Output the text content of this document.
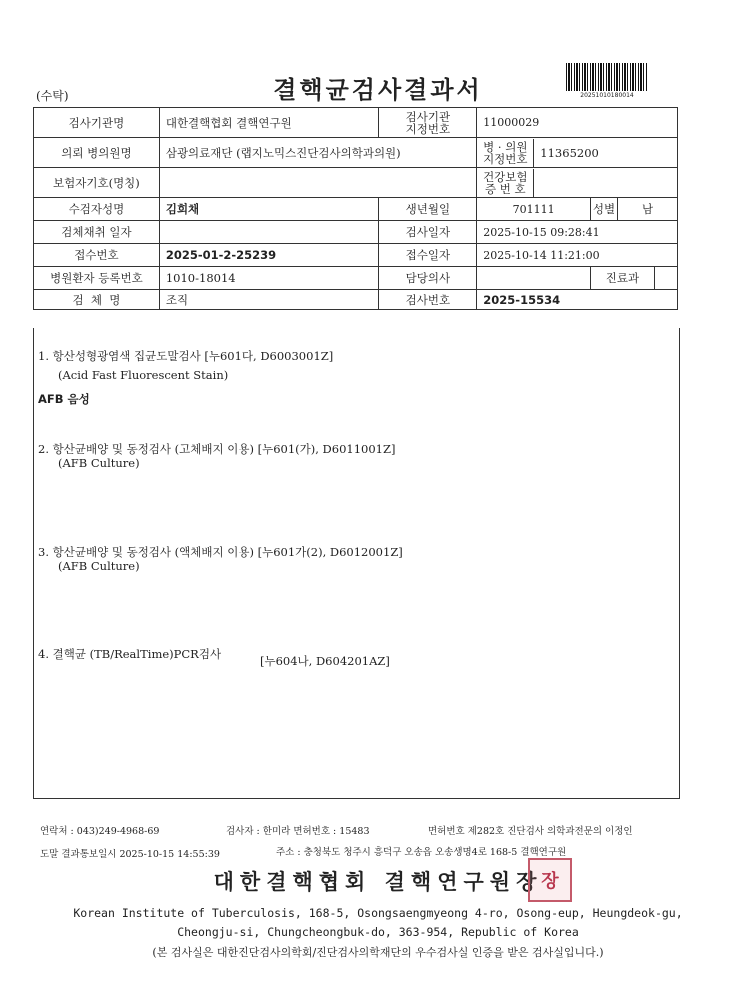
(수탁)	결핵균검사결과서	20251010180014
검사기관명	대한결핵협회 결핵연구원	검사기관
지정번호	11000029		
의뢰 병의원명	삼광의료재단 (랩지노믹스진단검사의학과의원)		병 · 의원
지정번호 11365200		

보험자기호(명칭)			건강보험
증 번 호		

수검자성명	김희채	생년월일	701111	성별	남
검체채취 일자		검사일자	2025-10-15 09:28:41		
접수번호	2025-01-2-25239	접수일자	2025-10-14 11:21:00		
병원환자 등록번호	1010-18014	담당의사		진료과	

검  체  명	조직	검사번호	2025-15534		
1. 항산성형광염색 집균도말검사 [누601다, D6003001Z]
(Acid Fast Fluorescent Stain)
AFB 음성
2. 항산균배양 및 동정검사 (고체배지 이용) [누601(가), D6011001Z]
(AFB Culture)
3. 항산균배양 및 동정검사 (액체배지 이용) [누601가(2), D6012001Z]
(AFB Culture)
4. 결핵균 (TB/RealTime)PCR검사	[누604나, D604201AZ]
연락처 : 043)249-4968-69	검사자 : 한미라 면허번호 : 15483	면허번호 제282호 진단검사 의학과전문의 이정인
도말 결과통보일시 2025-10-15 14:55:39	주소 : 충청북도 청주시 흥덕구 오송읍 오송생명4로 168-5 결핵연구원
대한결핵협회 결핵연구원장
장
Korean Institute of Tuberculosis, 168-5, Osongsaengmyeong 4-ro, Osong-eup, Heungdeok-gu,
Cheongju-si, Chungcheongbuk-do, 363-954, Republic of Korea
(본 검사실은 대한진단검사의학회/진단검사의학재단의 우수검사실 인증을 받은 검사실입니다.)
